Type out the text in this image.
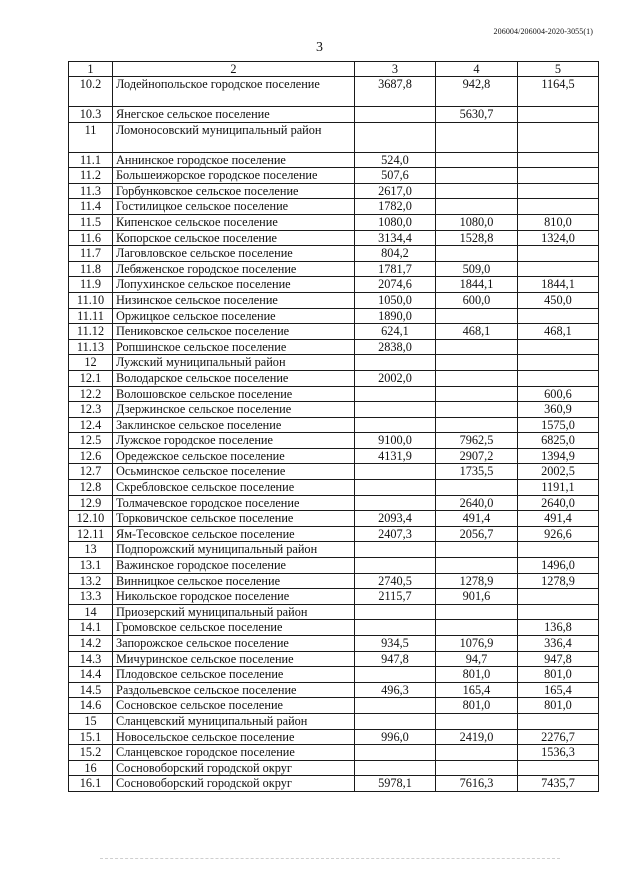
206004/206004-2020-3055(1)
3
1	2	3	4	5
10.2	Лодейнопольское городское поселение	3687,8	942,8	1164,5
10.3	Янегское сельское поселение		5630,7	
11	Ломоносовский муниципальный район			
11.1	Аннинское городское поселение	524,0		
11.2	Большеижорское городское поселение	507,6		
11.3	Горбунковское сельское поселение	2617,0		
11.4	Гостилицкое сельское поселение	1782,0		
11.5	Кипенское сельское поселение	1080,0	1080,0	810,0
11.6	Копорское сельское поселение	3134,4	1528,8	1324,0
11.7	Лаговловское сельское поселение	804,2		
11.8	Лебяженское городское поселение	1781,7	509,0	
11.9	Лопухинское сельское поселение	2074,6	1844,1	1844,1
11.10	Низинское сельское поселение	1050,0	600,0	450,0
11.11	Оржицкое сельское поселение	1890,0		
11.12	Пениковское сельское поселение	624,1	468,1	468,1
11.13	Ропшинское сельское поселение	2838,0		
12	Лужский муниципальный район			
12.1	Володарское сельское поселение	2002,0		
12.2	Волошовское сельское поселение			600,6
12.3	Дзержинское сельское поселение			360,9
12.4	Заклинское сельское поселение			1575,0
12.5	Лужское городское поселение	9100,0	7962,5	6825,0
12.6	Оредежское сельское поселение	4131,9	2907,2	1394,9
12.7	Осьминское сельское поселение		1735,5	2002,5
12.8	Скребловское сельское поселение			1191,1
12.9	Толмачевское городское поселение		2640,0	2640,0
12.10	Торковичское сельское поселение	2093,4	491,4	491,4
12.11	Ям-Тесовское сельское поселение	2407,3	2056,7	926,6
13	Подпорожский муниципальный район			
13.1	Важинское городское поселение			1496,0
13.2	Винницкое сельское поселение	2740,5	1278,9	1278,9
13.3	Никольское городское поселение	2115,7	901,6	
14	Приозерский муниципальный район			
14.1	Громовское сельское поселение			136,8
14.2	Запорожское сельское поселение	934,5	1076,9	336,4
14.3	Мичуринское сельское поселение	947,8	94,7	947,8
14.4	Плодовское сельское поселение		801,0	801,0
14.5	Раздольевское сельское поселение	496,3	165,4	165,4
14.6	Сосновское сельское поселение		801,0	801,0
15	Сланцевский муниципальный район			
15.1	Новосельское сельское поселение	996,0	2419,0	2276,7
15.2	Сланцевское городское поселение			1536,3
16	Сосновоборский городской округ			
16.1	Сосновоборский городской округ	5978,1	7616,3	7435,7
